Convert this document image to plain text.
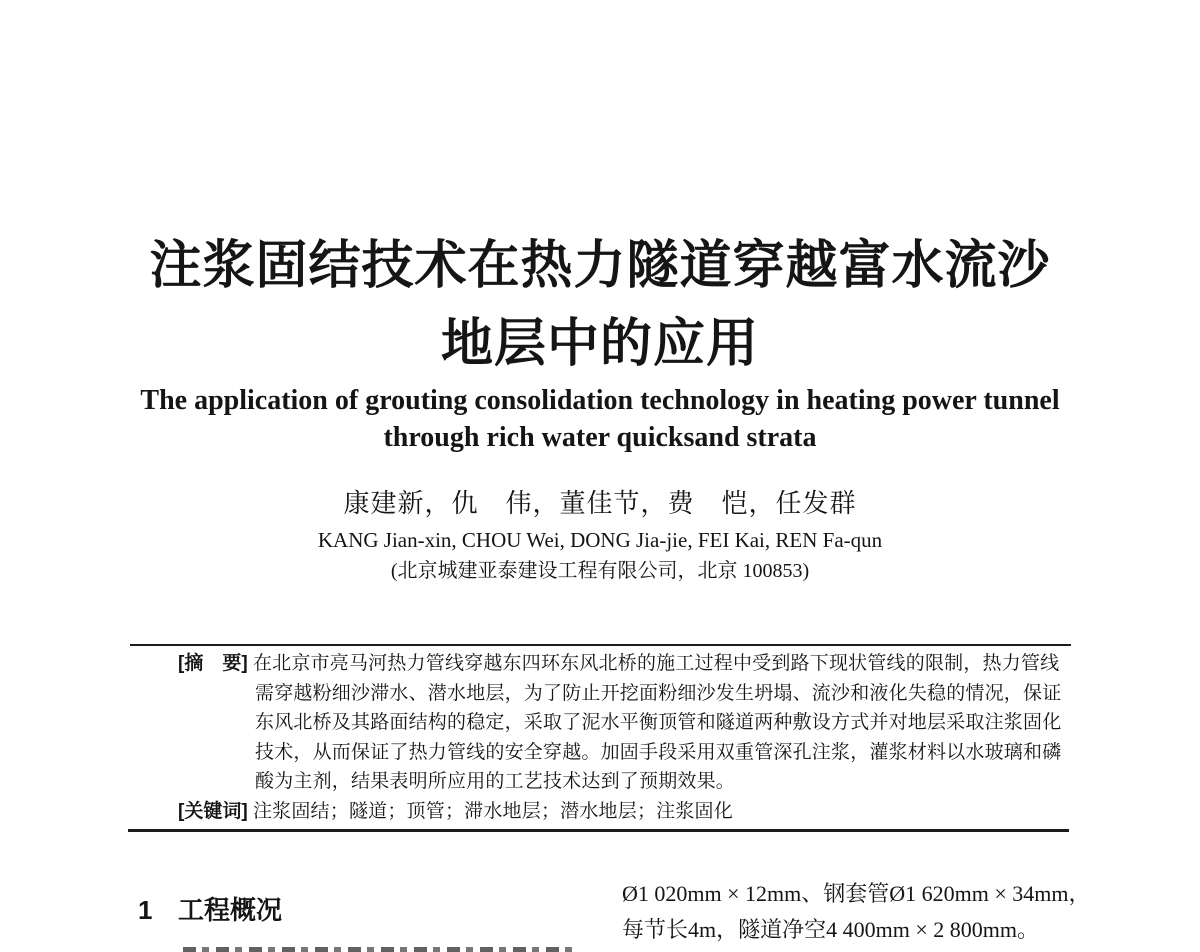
注浆固结技术在热力隧道穿越富水流沙
地层中的应用
The application of grouting consolidation technology in heating power tunnel
through rich water quicksand strata
康建新，仇　伟，董佳节，费　恺，任发群
KANG Jian-xin, CHOU Wei, DONG Jia-jie, FEI Kai, REN Fa-qun
(北京城建亚泰建设工程有限公司，北京 100853)
[摘　要] 在北京市亮马河热力管线穿越东四环东风北桥的施工过程中受到路下现状管线的限制，热力管线
需穿越粉细沙滞水、潜水地层，为了防止开挖面粉细沙发生坍塌、流沙和液化失稳的情况，保证
东风北桥及其路面结构的稳定，采取了泥水平衡顶管和隧道两种敷设方式并对地层采取注浆固化
技术，从而保证了热力管线的安全穿越。加固手段采用双重管深孔注浆，灌浆材料以水玻璃和磷
酸为主剂，结果表明所应用的工艺技术达到了预期效果。
[关键词] 注浆固结；隧道；顶管；滞水地层；潜水地层；注浆固化
1 工程概况
Ø1 020mm × 12mm、钢套管Ø1 620mm × 34mm，
每节长4m，隧道净空4 400mm × 2 800mm。
